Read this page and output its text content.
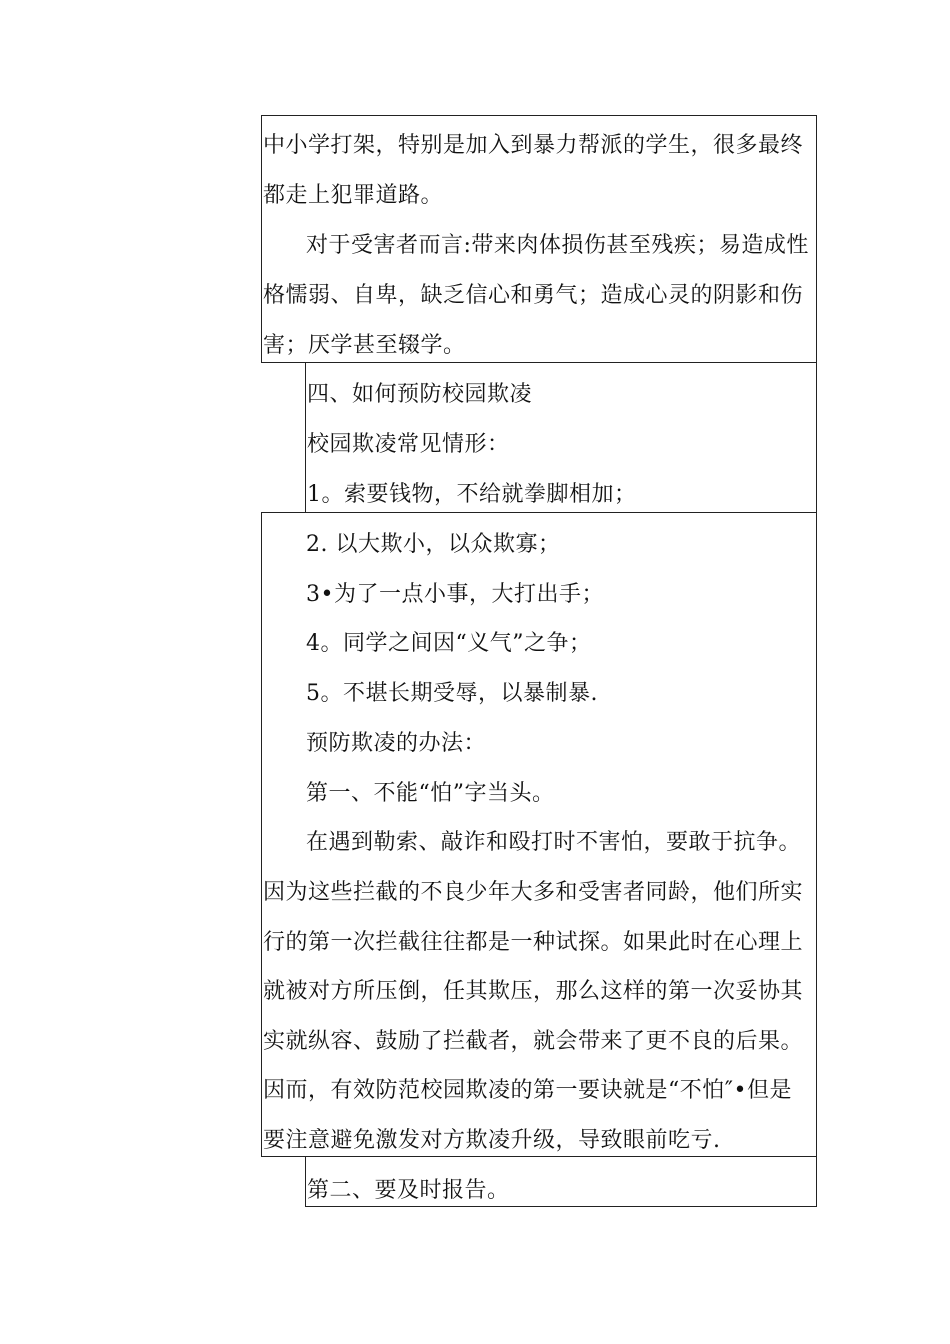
中小学打架，特别是加入到暴力帮派的学生，很多最终
都走上犯罪道路。
对于受害者而言:带来肉体损伤甚至残疾；易造成性
格懦弱、自卑，缺乏信心和勇气；造成心灵的阴影和伤
害；厌学甚至辍学。
四、如何预防校园欺凌
校园欺凌常见情形：
1。索要钱物，不给就拳脚相加；
2. 以大欺小，以众欺寡；
3•为了一点小事，大打出手；
4。同学之间因“义气”之争；
5。不堪长期受辱，以暴制暴.
预防欺凌的办法：
第一、不能“怕”字当头。
在遇到勒索、敲诈和殴打时不害怕，要敢于抗争。
因为这些拦截的不良少年大多和受害者同龄，他们所实
行的第一次拦截往往都是一种试探。如果此时在心理上
就被对方所压倒，任其欺压，那么这样的第一次妥协其
实就纵容、鼓励了拦截者，就会带来了更不良的后果。
因而，有效防范校园欺凌的第一要诀就是“不怕″•但是
要注意避免激发对方欺凌升级，导致眼前吃亏.
第二、要及时报告。
